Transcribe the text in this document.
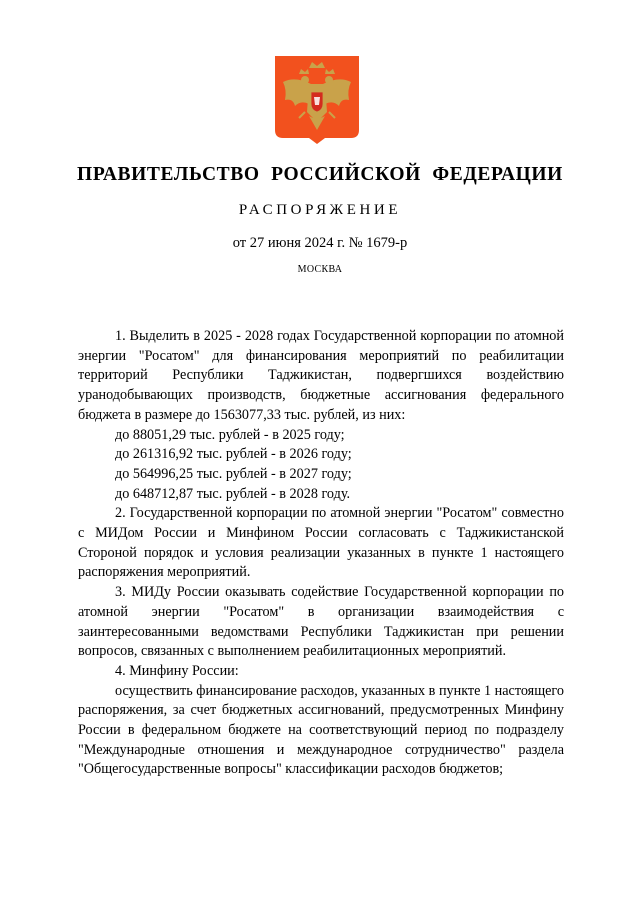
ПРАВИТЕЛЬСТВО РОССИЙСКОЙ ФЕДЕРАЦИИ
РАСПОРЯЖЕНИЕ
от 27 июня 2024 г. № 1679-р
МОСКВА

1. Выделить в 2025 - 2028 годах Государственной корпорации по атомной энергии "Росатом" для финансирования мероприятий по реабилитации территорий Республики Таджикистан, подвергшихся воздействию уранодобывающих производств, бюджетные ассигнования федерального бюджета в размере до 1563077,33 тыс. рублей, из них:

до 88051,29 тыс. рублей - в 2025 году;

до 261316,92 тыс. рублей - в 2026 году;

до 564996,25 тыс. рублей - в 2027 году;

до 648712,87 тыс. рублей - в 2028 году.

2. Государственной корпорации по атомной энергии "Росатом" совместно с МИДом России и Минфином России согласовать с Таджикистанской Стороной порядок и условия реализации указанных в пункте 1 настоящего распоряжения мероприятий.

3. МИДу России оказывать содействие Государственной корпорации по атомной энергии "Росатом" в организации взаимодействия с заинтересованными ведомствами Республики Таджикистан при решении вопросов, связанных с выполнением реабилитационных мероприятий.

4. Минфину России:

осуществить финансирование расходов, указанных в пункте 1 настоящего распоряжения, за счет бюджетных ассигнований, предусмотренных Минфину России в федеральном бюджете на соответствующий период по подразделу "Международные отношения и международное сотрудничество" раздела "Общегосударственные вопросы" классификации расходов бюджетов;
